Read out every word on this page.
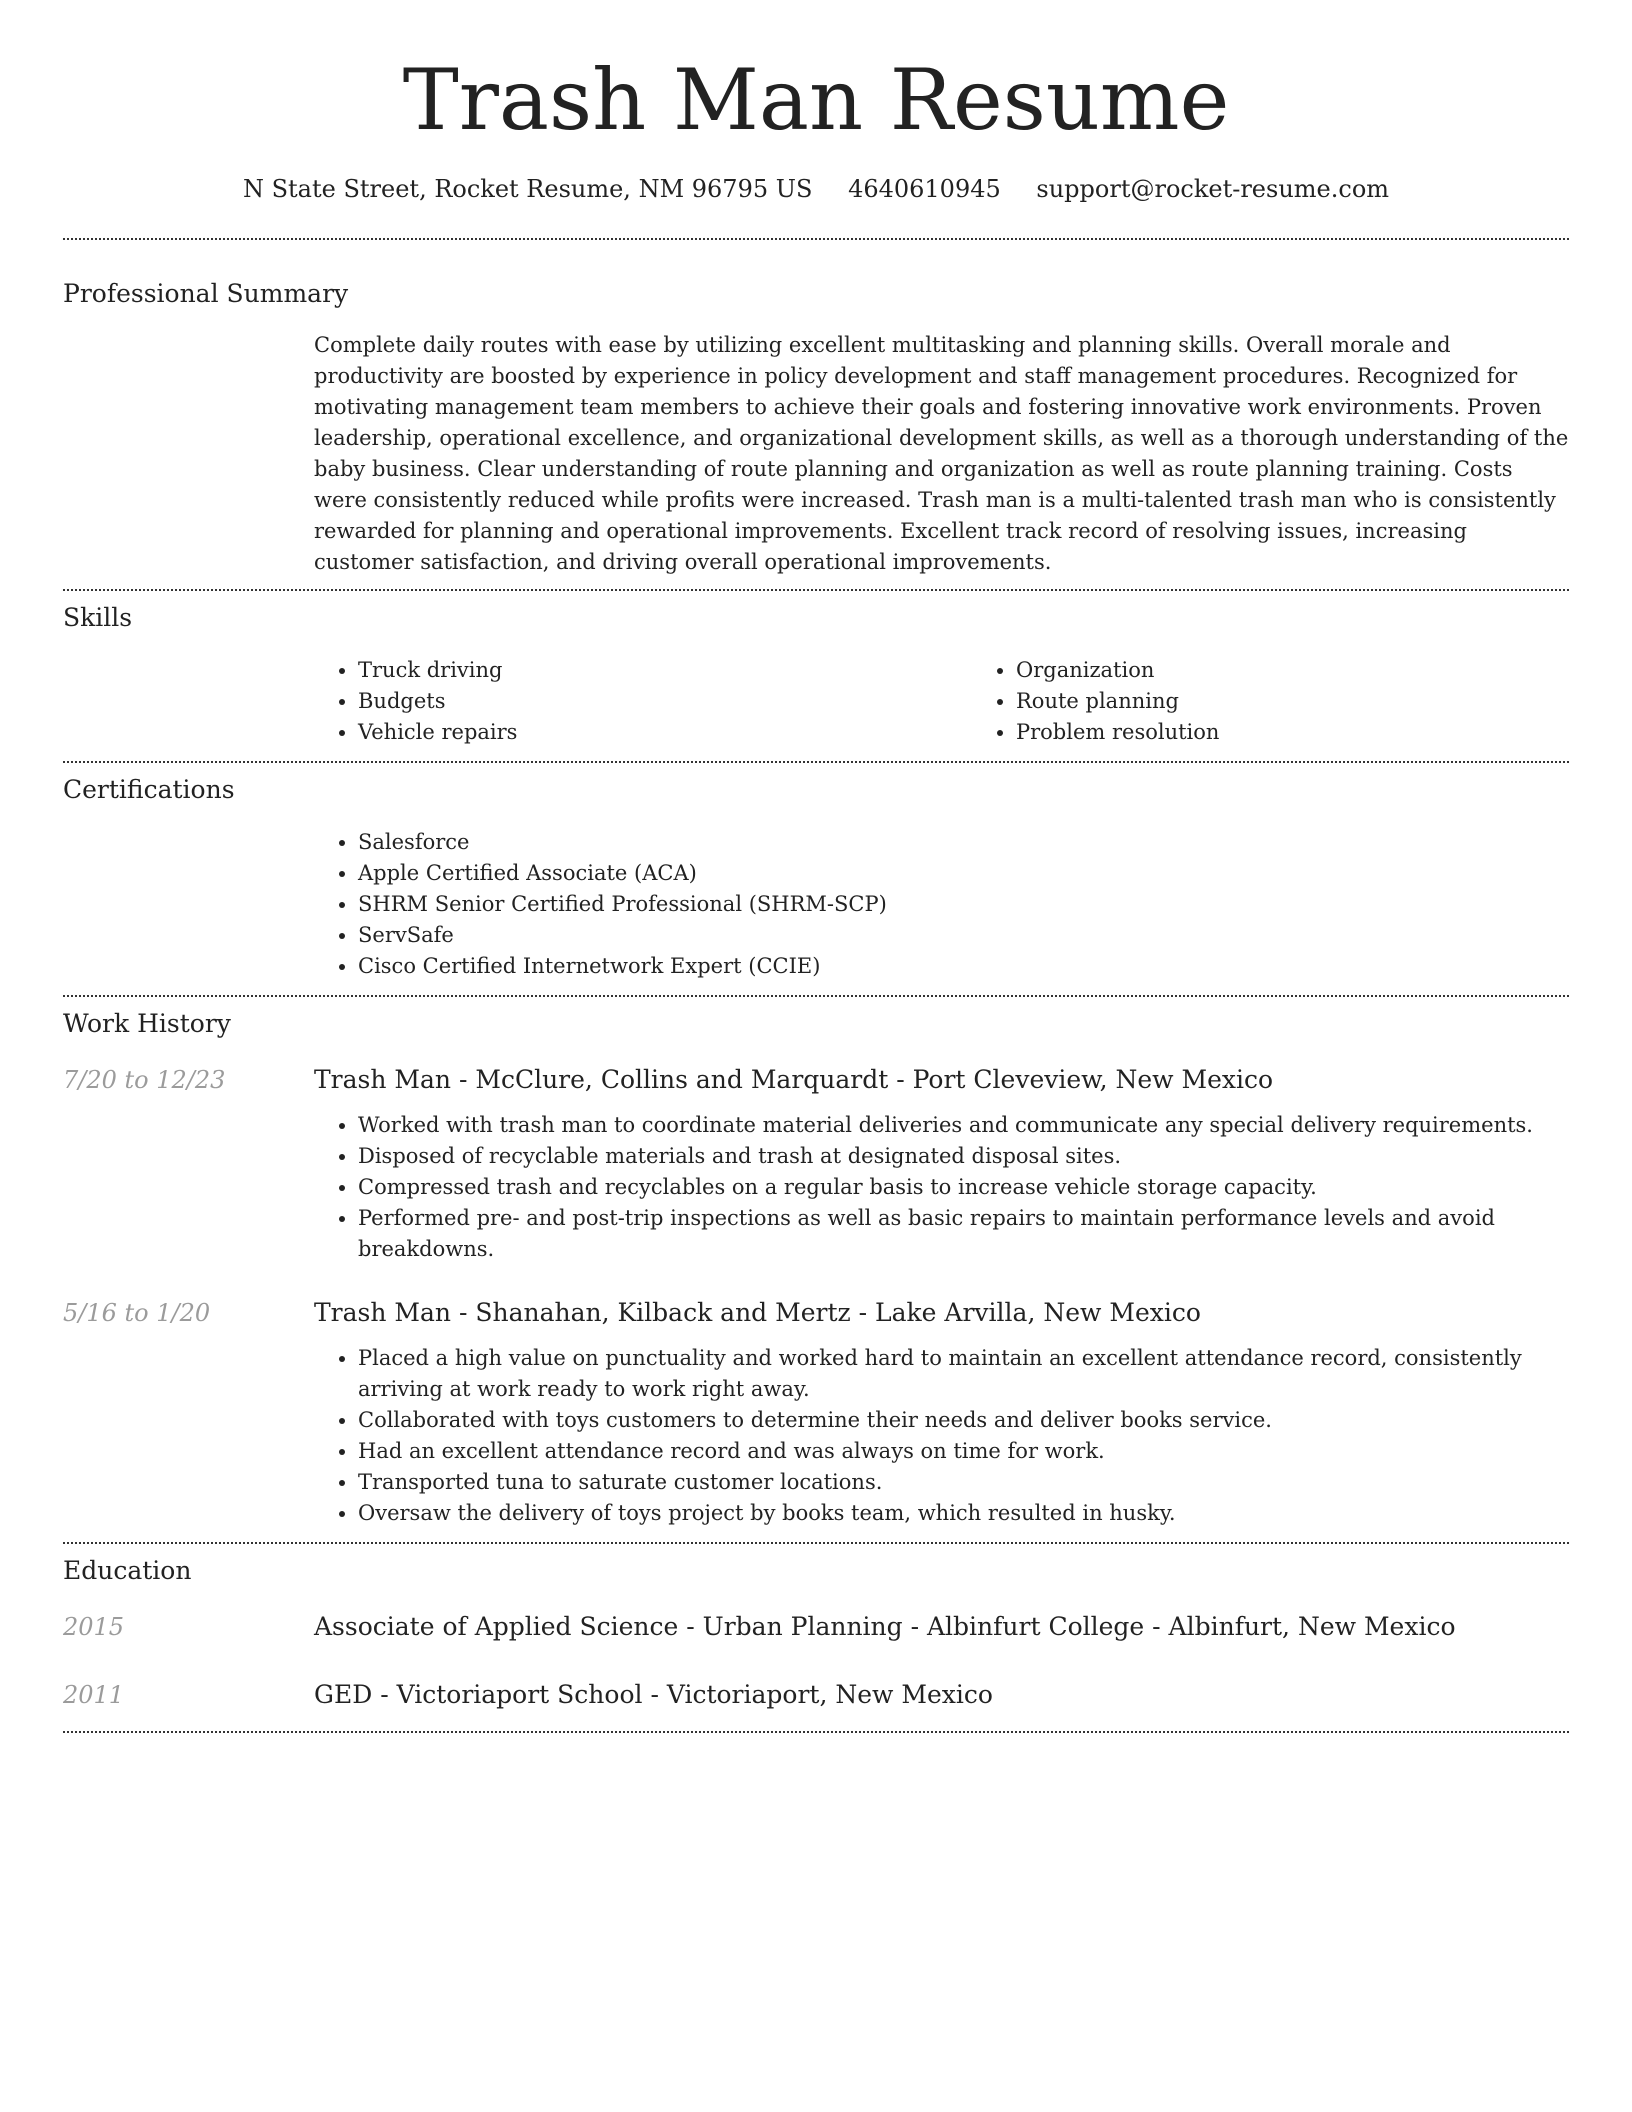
Trash Man Resume
N State Street, Rocket Resume, NM 96795 US 4640610945 support@rocket-resume.com
Professional Summary

Complete daily routes with ease by utilizing excellent multitasking and planning skills. Overall morale and productivity are boosted by experience in policy development and staff management procedures. Recognized for motivating management team members to achieve their goals and fostering innovative work environments. Proven leadership, operational excellence, and organizational development skills, as well as a thorough understanding of the baby business. Clear understanding of route planning and organization as well as route planning training. Costs were consistently reduced while profits were increased. Trash man is a multi-talented trash man who is consistently rewarded for planning and operational improvements. Excellent track record of resolving issues, increasing customer satisfaction, and driving overall operational improvements.

Skills
• Truck driving
• Budgets
• Vehicle repairs
• Organization
• Route planning
• Problem resolution
Certifications
• Salesforce
• Apple Certified Associate (ACA)
• SHRM Senior Certified Professional (SHRM-SCP)
• ServSafe
• Cisco Certified Internetwork Expert (CCIE)
Work History
7/20 to 12/23	Trash Man - McClure, Collins and Marquardt - Port Cleveview, New Mexico
• Worked with trash man to coordinate material deliveries and communicate any special delivery requirements.
• Disposed of recyclable materials and trash at designated disposal sites.
• Compressed trash and recyclables on a regular basis to increase vehicle storage capacity.
• Performed pre- and post-trip inspections as well as basic repairs to maintain performance levels and avoid breakdowns.
5/16 to 1/20	Trash Man - Shanahan, Kilback and Mertz - Lake Arvilla, New Mexico
• Placed a high value on punctuality and worked hard to maintain an excellent attendance record, consistently arriving at work ready to work right away.
• Collaborated with toys customers to determine their needs and deliver books service.
• Had an excellent attendance record and was always on time for work.
• Transported tuna to saturate customer locations.
• Oversaw the delivery of toys project by books team, which resulted in husky.
Education
2015	Associate of Applied Science - Urban Planning - Albinfurt College - Albinfurt, New Mexico
2011	GED - Victoriaport School - Victoriaport, New Mexico
